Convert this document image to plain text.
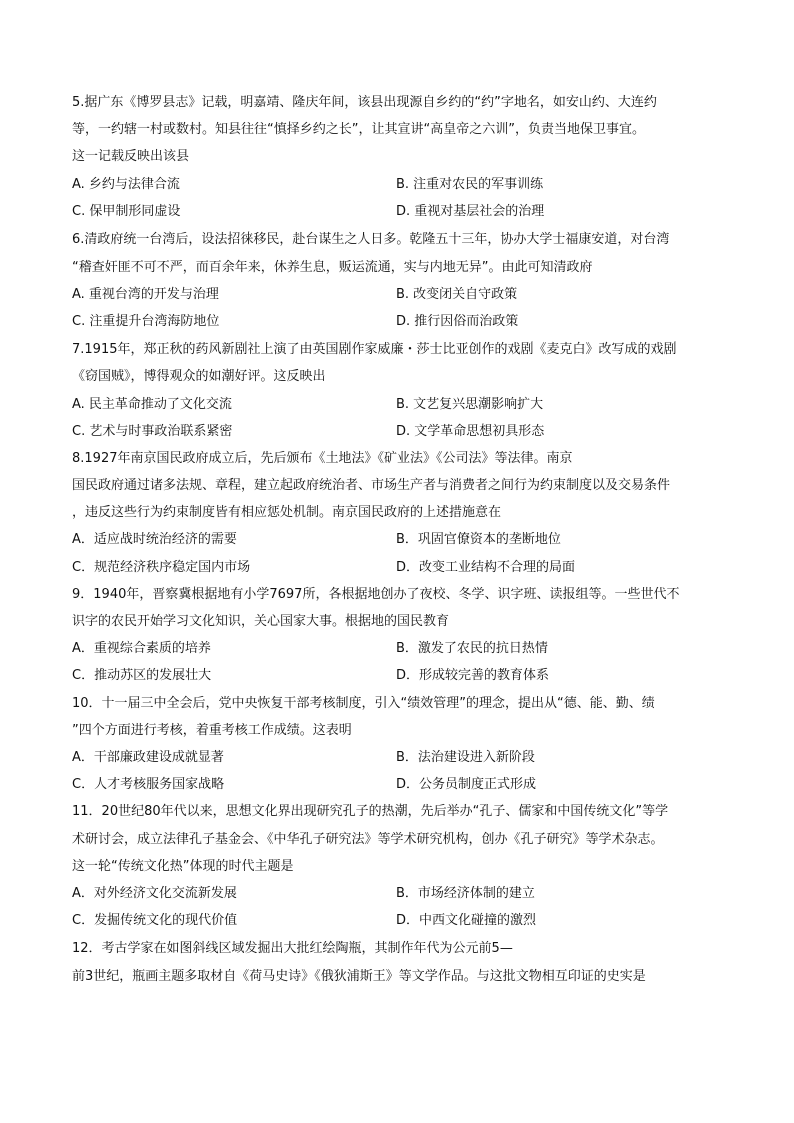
5.据广东《博罗县志》记载，明嘉靖、隆庆年间，该县出现源自乡约的“约”字地名，如安山约、大连约
等，一约辖一村或数村。知县往往“慎择乡约之长”，让其宣讲“高皇帝之六训”，负责当地保卫事宜。
这一记载反映出该县
A. 乡约与法律合流	B. 注重对农民的军事训练
C. 保甲制形同虚设	D. 重视对基层社会的治理
6.清政府统一台湾后，设法招徕移民，赴台谋生之人日多。乾隆五十三年，协办大学士福康安道，对台湾
“稽查奸匪不可不严，而百余年来，休养生息，贩运流通，实与内地无异”。由此可知清政府
A. 重视台湾的开发与治理	B. 改变闭关自守政策
C. 注重提升台湾海防地位	D. 推行因俗而治政策
7.1915年，郑正秋的药风新剧社上演了由英国剧作家威廉・莎士比亚创作的戏剧《麦克白》改写成的戏剧
《窃国贼》，博得观众的如潮好评。这反映出
A. 民主革命推动了文化交流	B. 文艺复兴思潮影响扩大
C. 艺术与时事政治联系紧密	D. 文学革命思想初具形态
8.1927年南京国民政府成立后，先后颁布《土地法》《矿业法》《公司法》等法律。南京
国民政府通过诸多法规、章程，建立起政府统治者、市场生产者与消费者之间行为约束制度以及交易条件
，违反这些行为约束制度皆有相应惩处机制。南京国民政府的上述措施意在
A．适应战时统治经济的需要	B．巩固官僚资本的垄断地位
C．规范经济秩序稳定国内市场	D．改变工业结构不合理的局面
9．1940年，晋察冀根据地有小学7697所，各根据地创办了夜校、冬学、识字班、读报组等。一些世代不
识字的农民开始学习文化知识，关心国家大事。根据地的国民教育
A．重视综合素质的培养	B．激发了农民的抗日热情
C．推动苏区的发展壮大	D．形成较完善的教育体系
10．十一届三中全会后，党中央恢复干部考核制度，引入“绩效管理”的理念，提出从“德、能、勤、绩
”四个方面进行考核，着重考核工作成绩。这表明
A．干部廉政建设成就显著	B．法治建设进入新阶段
C．人才考核服务国家战略	D．公务员制度正式形成
11．20世纪80年代以来，思想文化界出现研究孔子的热潮，先后举办“孔子、儒家和中国传统文化”等学
术研讨会，成立法律孔子基金会、《中华孔子研究法》等学术研究机构，创办《孔子研究》等学术杂志。
这一轮“传统文化热”体现的时代主题是
A．对外经济文化交流新发展	B．市场经济体制的建立
C．发掘传统文化的现代价值	D．中西文化碰撞的激烈
12．考古学家在如图斜线区域发掘出大批红绘陶瓶，其制作年代为公元前5—
前3世纪，瓶画主题多取材自《荷马史诗》《俄狄浦斯王》等文学作品。与这批文物相互印证的史实是
